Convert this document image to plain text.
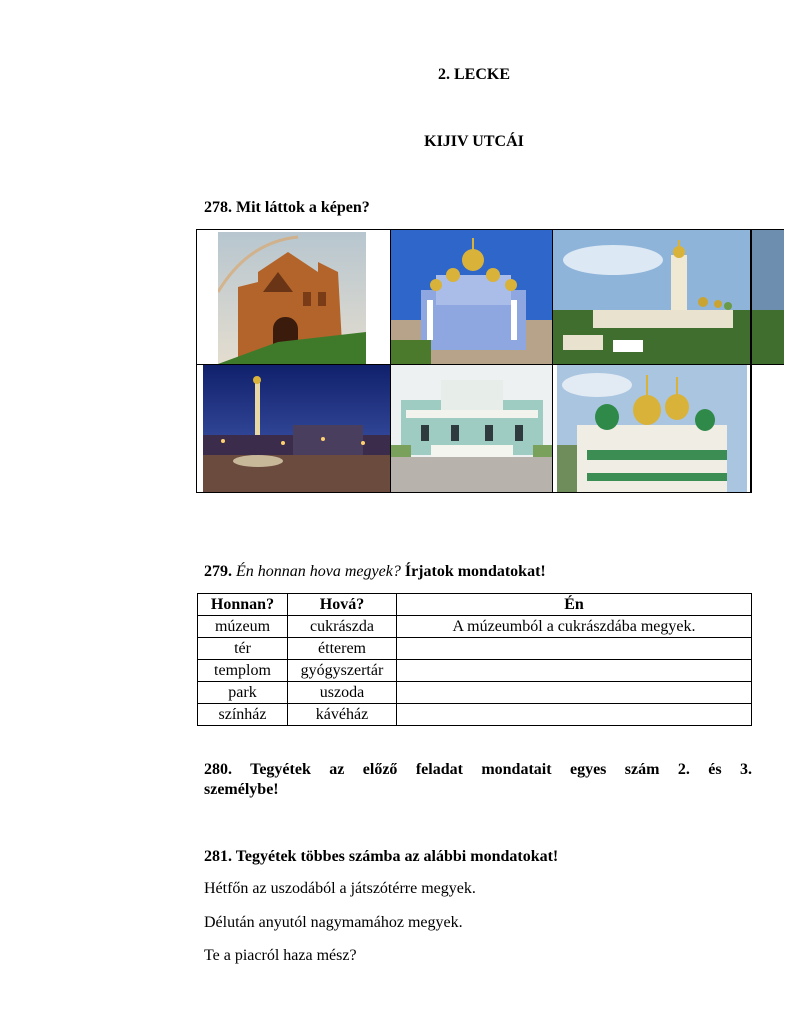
2. LECKE
KIJIV UTCÁI
278. Mit láttok a képen?
279. Én honnan hova megyek? Írjatok mondatokat!
Honnan?	Hová?	Én
múzeum	cukrászda	A múzeumból a cukrászdába megyek.
tér	étterem	
templom	gyógyszertár	
park	uszoda	
színház	kávéház	
280. Tegyétek az előző feladat mondatait egyes szám 2. és 3.
személybe!
281. Tegyétek többes számba az alábbi mondatokat!
Hétfőn az uszodából a játszótérre megyek.
Délután anyutól nagymamához megyek.
Te a piacról haza mész?
